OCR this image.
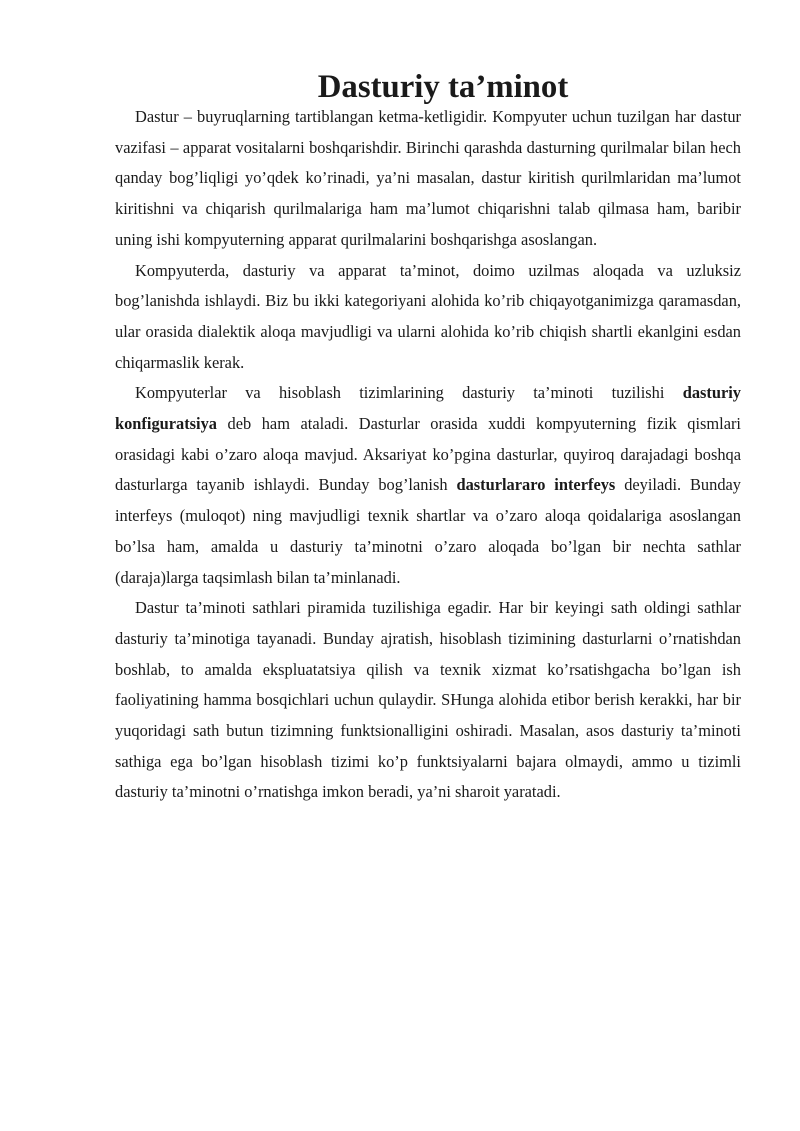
Dasturiy ta’minot

Dastur – buyruqlarning tartiblangan ketma-ketligidir. Kompyuter uchun tuzilgan har dastur vazifasi – apparat vositalarni boshqarishdir. Birinchi qarashda dasturning qurilmalar bilan hech qanday bog’liqligi yo’qdek ko’rinadi, ya’ni masalan, dastur kiritish qurilmlaridan ma’lumot kiritishni va chiqarish qurilmalariga ham ma’lumot chiqarishni talab qilmasa ham, baribir uning ishi kompyuterning apparat qurilmalarini boshqarishga asoslangan.

Kompyuterda, dasturiy va apparat ta’minot, doimo uzilmas aloqada va uzluksiz bog’lanishda ishlaydi. Biz bu ikki kategoriyani alohida ko’rib chiqayotganimizga qaramasdan, ular orasida dialektik aloqa mavjudligi va ularni alohida ko’rib chiqish shartli ekanlgini esdan chiqarmaslik kerak.

Kompyuterlar va hisoblash tizimlarining dasturiy ta’minoti tuzilishi dasturiy konfiguratsiya deb ham ataladi. Dasturlar orasida xuddi kompyuterning fizik qismlari orasidagi kabi o’zaro aloqa mavjud. Aksariyat ko’pgina dasturlar, quyiroq darajadagi boshqa dasturlarga tayanib ishlaydi. Bunday bog’lanish dasturlararo interfeys deyiladi. Bunday interfeys (muloqot) ning mavjudligi texnik shartlar va o’zaro aloqa qoidalariga asoslangan bo’lsa ham, amalda u dasturiy ta’minotni o’zaro aloqada bo’lgan bir nechta sathlar (daraja)larga taqsimlash bilan ta’minlanadi.

Dastur ta’minoti sathlari piramida tuzilishiga egadir. Har bir keyingi sath oldingi sathlar dasturiy ta’minotiga tayanadi. Bunday ajratish, hisoblash tizimining dasturlarni o’rnatishdan boshlab, to amalda ekspluatatsiya qilish va texnik xizmat ko’rsatishgacha bo’lgan ish faoliyatining hamma bosqichlari uchun qulaydir. SHunga alohida etibor berish kerakki, har bir yuqoridagi sath butun tizimning funktsionalligini oshiradi. Masalan, asos dasturiy ta’minoti sathiga ega bo’lgan hisoblash tizimi ko’p funktsiyalarni bajara olmaydi, ammo u tizimli dasturiy ta’minotni o’rnatishga imkon beradi, ya’ni sharoit yaratadi.
